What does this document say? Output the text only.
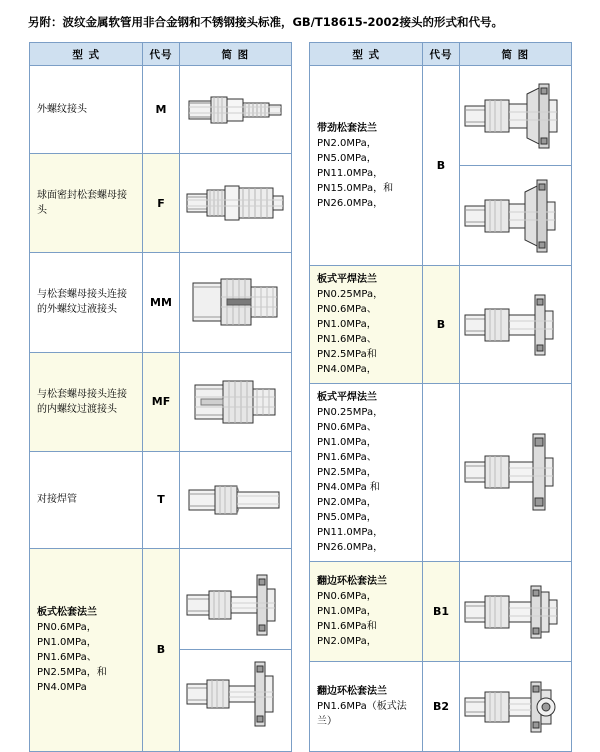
另附：波纹金属软管用非合金钢和不锈钢接头标准，GB/T18615-2002接头的形式和代号。
型 式	代号	简 图

外螺纹接头	M	

球面密封松套螺母接头	F	

与松套螺母接头连接的外螺纹过液接头	MM	

与松套螺母接头连接的内螺纹过渡接头	MF	

对接焊管	T	

板式松套法兰
PN0.6MPa，PN1.0MPa，PN1.6MPa、PN2.5MPa，和PN4.0MPa	B	
型 式	代号	简 图

带劲松套法兰
PN2.0MPa，PN5.0MPa，PN11.0MPa，PN15.0MPa，和PN26.0MPa，	B	

板式平焊法兰
PN0.25MPa，PN0.6MPa、PN1.0MPa，PN1.6MPa、PN2.5MPa和PN4.0MPa，	B	

板式平焊法兰
PN0.25MPa，PN0.6MPa、PN1.0MPa，PN1.6MPa、PN2.5MPa，PN4.0MPa 和PN2.0MPa，PN5.0MPa，PN11.0MPa，PN26.0MPa，

翻边环松套法兰
PN0.6MPa，PN1.0MPa，PN1.6MPa和PN2.0MPa，	B1	

翻边环松套法兰
PN1.6MPa（板式法兰）	B2	
